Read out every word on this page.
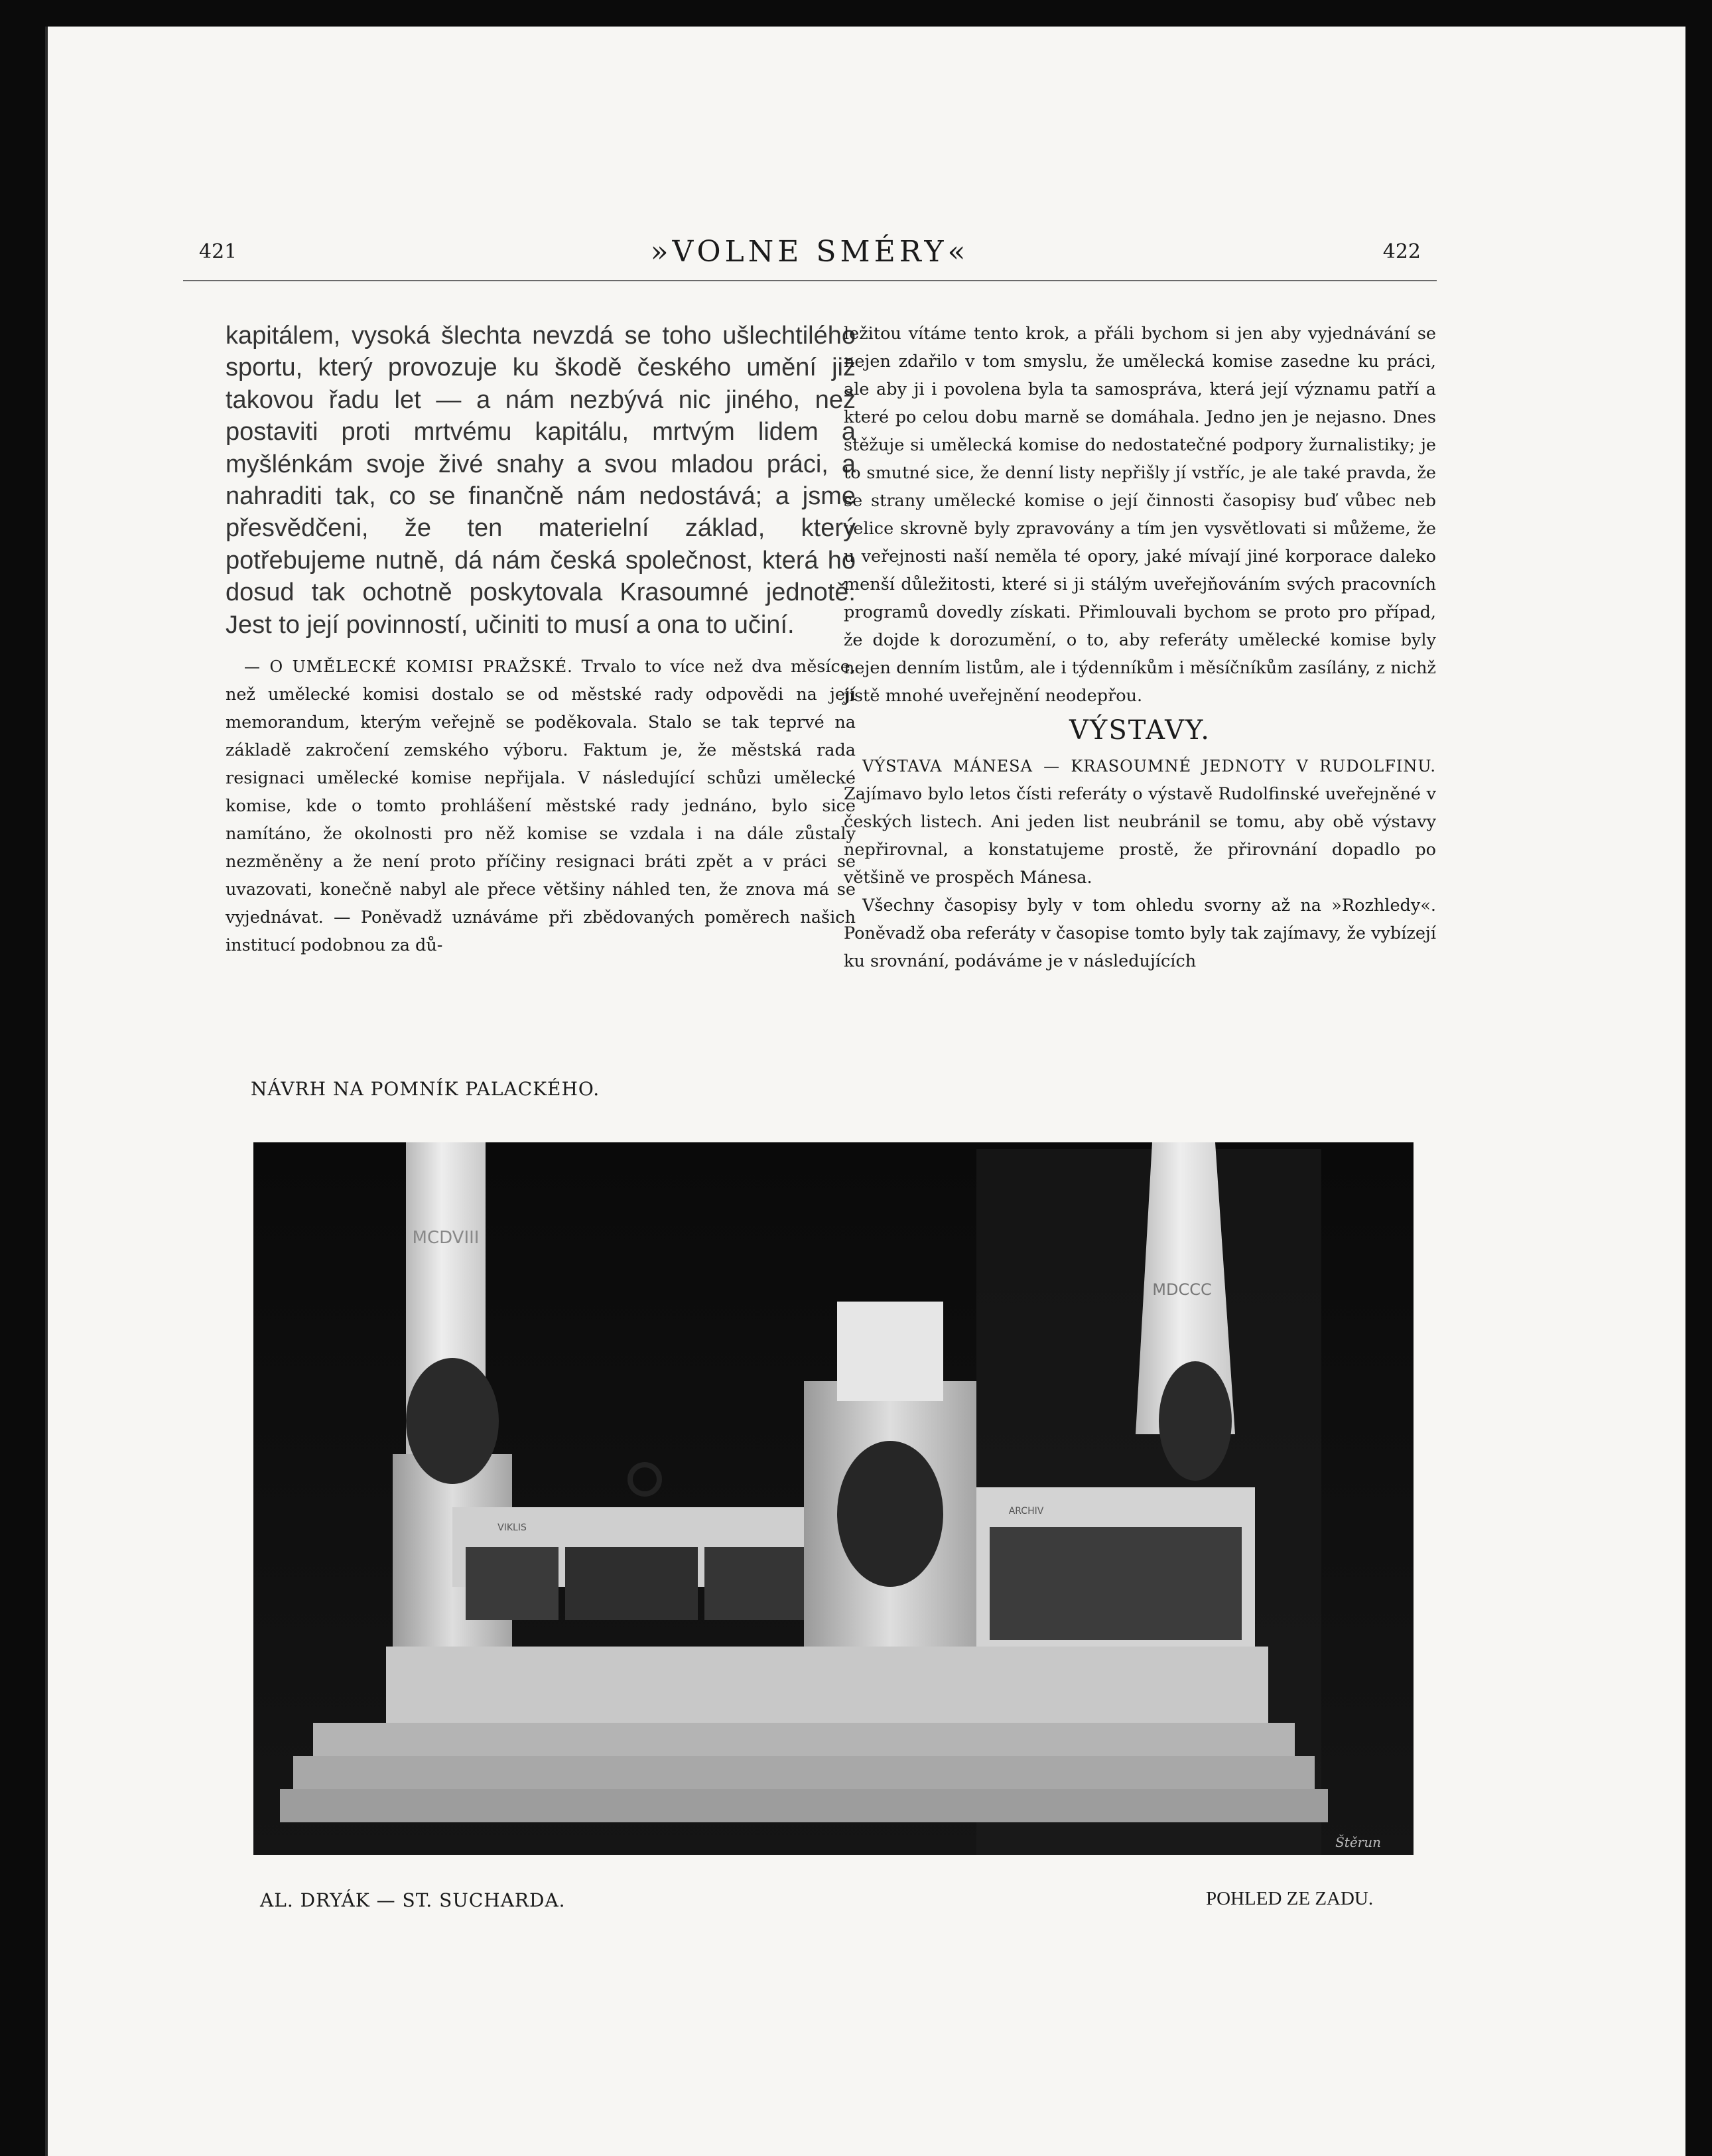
421	»VOLNE SMÉRY«	422

kapitálem, vysoká šlechta nevzdá se toho ušlechtilého sportu, který provozuje ku škodě českého umění již takovou řadu let — a nám nezbývá nic jiného, než postaviti proti mrtvému kapitálu, mrtvým lidem a myšlénkám svoje živé snahy a svou mladou práci, a nahraditi tak, co se finančně nám nedostává; a jsme přesvědčeni, že ten materielní základ, který potřebujeme nutně, dá nám česká společnost, která ho dosud tak ochotně poskytovala Krasoumné jednotě. Jest to její povinností, učiniti to musí a ona to učiní.

— O UMĚLECKÉ KOMISI PRAŽSKÉ. Trvalo to více než dva měsíce, než umělecké komisi dostalo se od městské rady odpovědi na její memorandum, kterým veřejně se poděkovala. Stalo se tak teprvé na základě zakročení zemského výboru. Faktum je, že městská rada resignaci umělecké komise nepřijala. V následující schůzi umělecké komise, kde o tomto prohlášení městské rady jednáno, bylo sice namítáno, že okolnosti pro něž komise se vzdala i na dále zůstaly nezměněny a že není proto příčiny resignaci bráti zpět a v práci se uvazovati, konečně nabyl ale přece většiny náhled ten, že znova má se vyjednávat. — Poněvadž uznáváme při zbědovaných poměrech našich institucí podobnou za dů-

ležitou vítáme tento krok, a přáli bychom si jen aby vyjednávání se nejen zdařilo v tom smyslu, že umělecká komise zasedne ku práci, ale aby ji i povolena byla ta samospráva, která její významu patří a které po celou dobu marně se domáhala. Jedno jen je nejasno. Dnes stěžuje si umělecká komise do nedostatečné podpory žurnalistiky; je to smutné sice, že denní listy nepřišly jí vstříc, je ale také pravda, že se strany umělecké komise o její činnosti časopisy buď vůbec neb velice skrovně byly zpravovány a tím jen vysvětlovati si můžeme, že u veřejnosti naší neměla té opory, jaké mívají jiné korporace daleko menší důležitosti, které si ji stálým uveřejňováním svých pracovních programů dovedly získati. Přimlouvali bychom se proto pro případ, že dojde k dorozumění, o to, aby referáty umělecké komise byly nejen denním listům, ale i týdenníkům i měsíčníkům zasílány, z nichž jistě mnohé uveřejnění neodepřou.

VÝSTAVY.

VÝSTAVA MÁNESA — KRASOUMNÉ JEDNOTY V RUDOLFINU. Zajímavo bylo letos čísti referáty o výstavě Rudolfinské uveřejněné v českých listech. Ani jeden list neubránil se tomu, aby obě výstavy nepřirovnal, a konstatujeme prostě, že přirovnání dopadlo po většině ve prospěch Mánesa.

Všechny časopisy byly v tom ohledu svorny až na »Rozhledy«. Poněvadž oba referáty v časopise tomto byly tak zajímavy, že vybízejí ku srovnání, podáváme je v následujících

NÁVRH NA POMNÍK PALACKÉHO.
MCDVIII
MDCCC
VIKLIS
ARCHIV
Štěrun
AL. DRYÁK — ST. SUCHARDA.	POHLED ZE ZADU.
